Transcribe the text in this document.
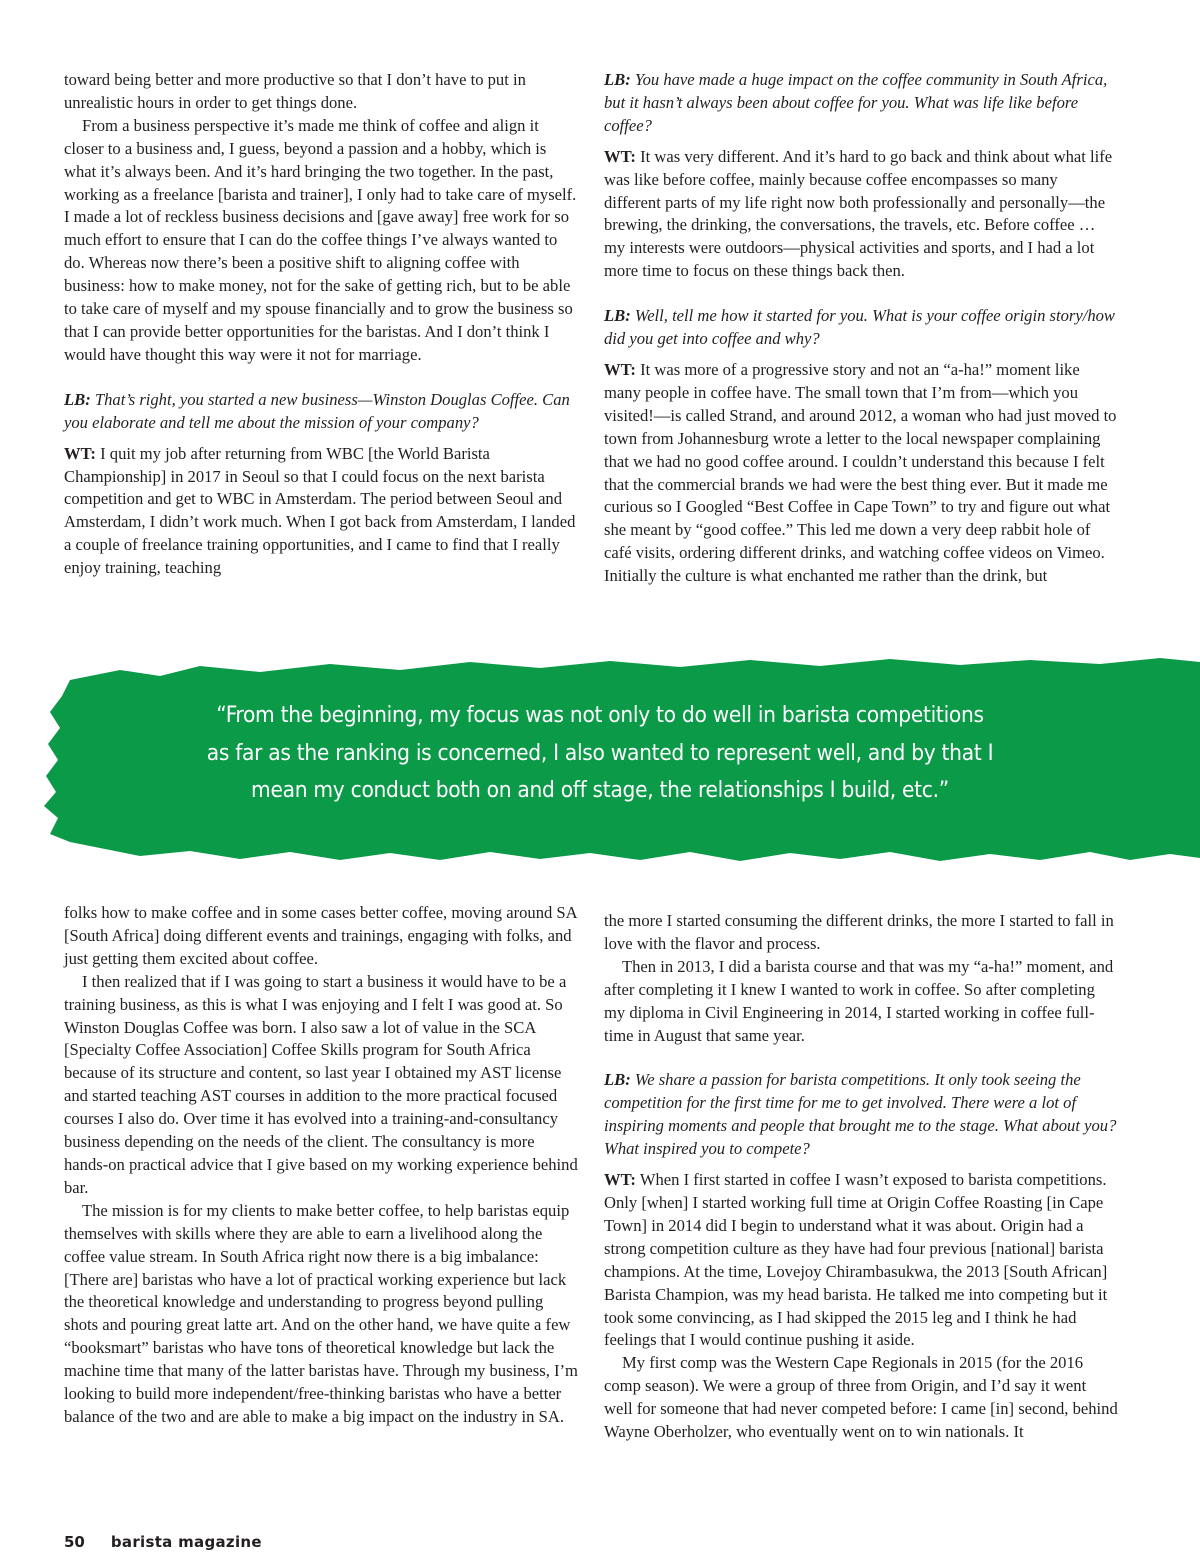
toward being better and more productive so that I don’t have to put in unrealistic hours in order to get things done.

From a business perspective it’s made me think of coffee and align it closer to a business and, I guess, beyond a passion and a hobby, which is what it’s always been. And it’s hard bringing the two together. In the past, working as a freelance [barista and trainer], I only had to take care of myself. I made a lot of reckless business decisions and [gave away] free work for so much effort to ensure that I can do the coffee things I’ve always wanted to do. Whereas now there’s been a positive shift to aligning coffee with business: how to make money, not for the sake of getting rich, but to be able to take care of myself and my spouse financially and to grow the business so that I can provide better opportunities for the baristas. And I don’t think I would have thought this way were it not for marriage.

LB: That’s right, you started a new business—Winston Douglas Coffee. Can you elaborate and tell me about the mission of your company?

WT: I quit my job after returning from WBC [the World Barista Championship] in 2017 in Seoul so that I could focus on the next barista competition and get to WBC in Amsterdam. The period between Seoul and Amsterdam, I didn’t work much. When I got back from Amsterdam, I landed a couple of freelance training opportunities, and I came to find that I really enjoy training, teaching

LB: You have made a huge impact on the coffee community in South Africa, but it hasn’t always been about coffee for you. What was life like before coffee?

WT: It was very different. And it’s hard to go back and think about what life was like before coffee, mainly because coffee encompasses so many different parts of my life right now both professionally and personally—the brewing, the drinking, the conversations, the travels, etc. Before coffee … my interests were outdoors—physical activities and sports, and I had a lot more time to focus on these things back then.

LB: Well, tell me how it started for you. What is your coffee origin story/how did you get into coffee and why?

WT: It was more of a progressive story and not an “a-ha!” moment like many people in coffee have. The small town that I’m from—which you visited!—is called Strand, and around 2012, a woman who had just moved to town from Johannesburg wrote a letter to the local newspaper complaining that we had no good coffee around. I couldn’t understand this because I felt that the commercial brands we had were the best thing ever. But it made me curious so I Googled “Best Coffee in Cape Town” to try and figure out what she meant by “good coffee.” This led me down a very deep rabbit hole of café visits, ordering different drinks, and watching coffee videos on Vimeo. Initially the culture is what enchanted me rather than the drink, but

“From the beginning, my focus was not only to do well in barista competitions
as far as the ranking is concerned, I also wanted to represent well, and by that I
mean my conduct both on and off stage, the relationships I build, etc.”

folks how to make coffee and in some cases better coffee, moving around SA [South Africa] doing different events and trainings, engaging with folks, and just getting them excited about coffee.

I then realized that if I was going to start a business it would have to be a training business, as this is what I was enjoying and I felt I was good at. So Winston Douglas Coffee was born. I also saw a lot of value in the SCA [Specialty Coffee Association] Coffee Skills program for South Africa because of its structure and content, so last year I obtained my AST license and started teaching AST courses in addition to the more practical focused courses I also do. Over time it has evolved into a training-and-consultancy business depending on the needs of the client. The consultancy is more hands-on practical advice that I give based on my working experience behind bar.

The mission is for my clients to make better coffee, to help baristas equip themselves with skills where they are able to earn a livelihood along the coffee value stream. In South Africa right now there is a big imbalance: [There are] baristas who have a lot of practical working experience but lack the theoretical knowledge and understanding to progress beyond pulling shots and pouring great latte art. And on the other hand, we have quite a few “booksmart” baristas who have tons of theoretical knowledge but lack the machine time that many of the latter baristas have. Through my business, I’m looking to build more independent/free-thinking baristas who have a better balance of the two and are able to make a big impact on the industry in SA.

the more I started consuming the different drinks, the more I started to fall in love with the flavor and process.

Then in 2013, I did a barista course and that was my “a-ha!” moment, and after completing it I knew I wanted to work in coffee. So after completing my diploma in Civil Engineering in 2014, I started working in coffee full-time in August that same year.

LB: We share a passion for barista competitions. It only took seeing the competition for the first time for me to get involved. There were a lot of inspiring moments and people that brought me to the stage. What about you? What inspired you to compete?

WT: When I first started in coffee I wasn’t exposed to barista competitions. Only [when] I started working full time at Origin Coffee Roasting [in Cape Town] in 2014 did I begin to understand what it was about. Origin had a strong competition culture as they have had four previous [national] barista champions. At the time, Lovejoy Chirambasukwa, the 2013 [South African] Barista Champion, was my head barista. He talked me into competing but it took some convincing, as I had skipped the 2015 leg and I think he had feelings that I would continue pushing it aside.

My first comp was the Western Cape Regionals in 2015 (for the 2016 comp season). We were a group of three from Origin, and I’d say it went well for someone that had never competed before: I came [in] second, behind Wayne Oberholzer, who eventually went on to win nationals. It

50 barista magazine
